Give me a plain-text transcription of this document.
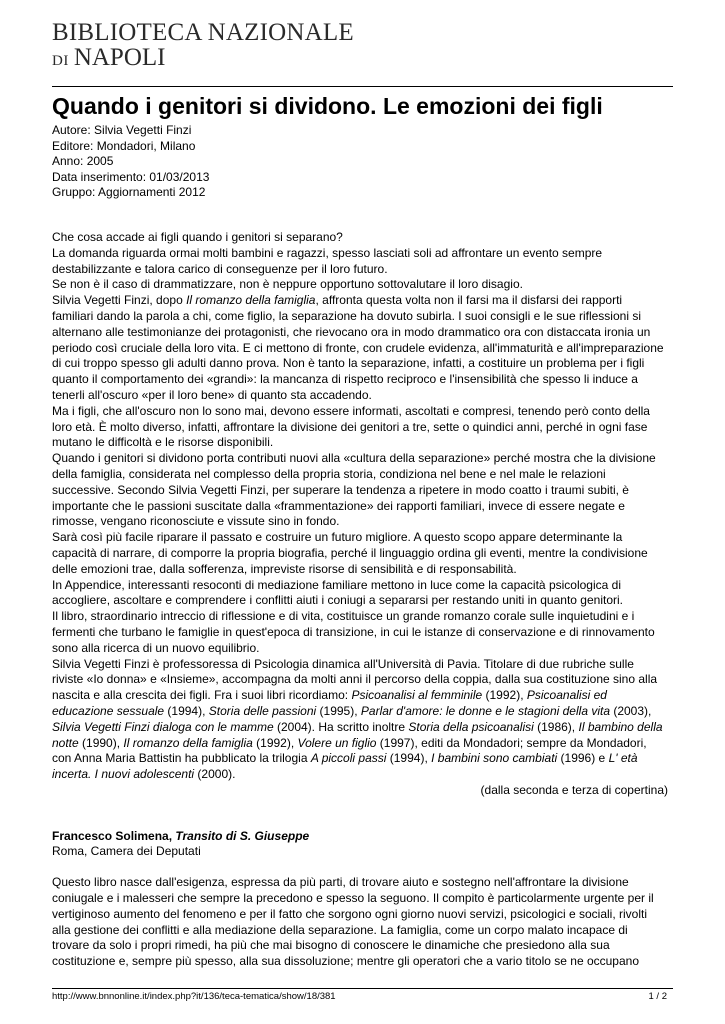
BIBLIOTECA NAZIONALE
DI NAPOLI
Quando i genitori si dividono. Le emozioni dei figli
Autore: Silvia Vegetti Finzi
Editore: Mondadori, Milano
Anno: 2005
Data inserimento: 01/03/2013
Gruppo: Aggiornamenti 2012

Che cosa accade ai figli quando i genitori si separano?

La domanda riguarda ormai molti bambini e ragazzi, spesso lasciati soli ad affrontare un evento sempre

destabilizzante e talora carico di conseguenze per il loro futuro.

Se non è il caso di drammatizzare, non è neppure opportuno sottovalutare il loro disagio.

Silvia Vegetti Finzi, dopo Il romanzo della famiglia, affronta questa volta non il farsi ma il disfarsi dei rapporti

familiari dando la parola a chi, come figlio, la separazione ha dovuto subirla. I suoi consigli e le sue riflessioni si

alternano alle testimonianze dei protagonisti, che rievocano ora in modo drammatico ora con distaccata ironia un

periodo così cruciale della loro vita. E ci mettono di fronte, con crudele evidenza, all'immaturità e all'impreparazione

di cui troppo spesso gli adulti danno prova. Non è tanto la separazione, infatti, a costituire un problema per i figli

quanto il comportamento dei «grandi»: la mancanza di rispetto reciproco e l'insensibilità che spesso li induce a

tenerli all'oscuro «per il loro bene» di quanto sta accadendo.

Ma i figli, che all'oscuro non lo sono mai, devono essere informati, ascoltati e compresi, tenendo però conto della

loro età. È molto diverso, infatti, affrontare la divisione dei genitori a tre, sette o quindici anni, perché in ogni fase

mutano le difficoltà e le risorse disponibili.

Quando i genitori si dividono porta contributi nuovi alla «cultura della separazione» perché mostra che la divisione

della famiglia, considerata nel complesso della propria storia, condiziona nel bene e nel male le relazioni

successive. Secondo Silvia Vegetti Finzi, per superare la tendenza a ripetere in modo coatto i traumi subiti, è

importante che le passioni suscitate dalla «frammentazione» dei rapporti familiari, invece di essere negate e

rimosse, vengano riconosciute e vissute sino in fondo.

Sarà così più facile riparare il passato e costruire un futuro migliore. A questo scopo appare determinante la

capacità di narrare, di comporre la propria biografia, perché il linguaggio ordina gli eventi, mentre la condivisione

delle emozioni trae, dalla sofferenza, impreviste risorse di sensibilità e di responsabilità.

In Appendice, interessanti resoconti di mediazione familiare mettono in luce come la capacità psicologica di

accogliere, ascoltare e comprendere i conflitti aiuti i coniugi a separarsi per restando uniti in quanto genitori.

Il libro, straordinario intreccio di riflessione e di vita, costituisce un grande romanzo corale sulle inquietudini e i

fermenti che turbano le famiglie in quest'epoca di transizione, in cui le istanze di conservazione e di rinnovamento

sono alla ricerca di un nuovo equilibrio.

Silvia Vegetti Finzi è professoressa di Psicologia dinamica all'Università di Pavia. Titolare di due rubriche sulle

riviste «Io donna» e «Insieme», accompagna da molti anni il percorso della coppia, dalla sua costituzione sino alla

nascita e alla crescita dei figli. Fra i suoi libri ricordiamo: Psicoanalisi al femminile (1992), Psicoanalisi ed

educazione sessuale (1994), Storia delle passioni (1995), Parlar d'amore: le donne e le stagioni della vita (2003),

Silvia Vegetti Finzi dialoga con le mamme (2004). Ha scritto inoltre Storia della psicoanalisi (1986), Il bambino della

notte (1990), Il romanzo della famiglia (1992), Volere un figlio (1997), editi da Mondadori; sempre da Mondadori,

con Anna Maria Battistin ha pubblicato la trilogia A piccoli passi (1994), I bambini sono cambiati (1996) e L' età

incerta. I nuovi adolescenti (2000).

(dalla seconda e terza di copertina)

Francesco Solimena, Transito di S. Giuseppe

Roma, Camera dei Deputati

Questo libro nasce dall'esigenza, espressa da più parti, di trovare aiuto e sostegno nell'affrontare la divisione

coniugale e i malesseri che sempre la precedono e spesso la seguono. Il compito è particolarmente urgente per il

vertiginoso aumento del fenomeno e per il fatto che sorgono ogni giorno nuovi servizi, psicologici e sociali, rivolti

alla gestione dei conflitti e alla mediazione della separazione. La famiglia, come un corpo malato incapace di

trovare da solo i propri rimedi, ha più che mai bisogno di conoscere le dinamiche che presiedono alla sua

costituzione e, sempre più spesso, alla sua dissoluzione; mentre gli operatori che a vario titolo se ne occupano

http://www.bnnonline.it/index.php?it/136/teca-tematica/show/18/381	1 / 2
